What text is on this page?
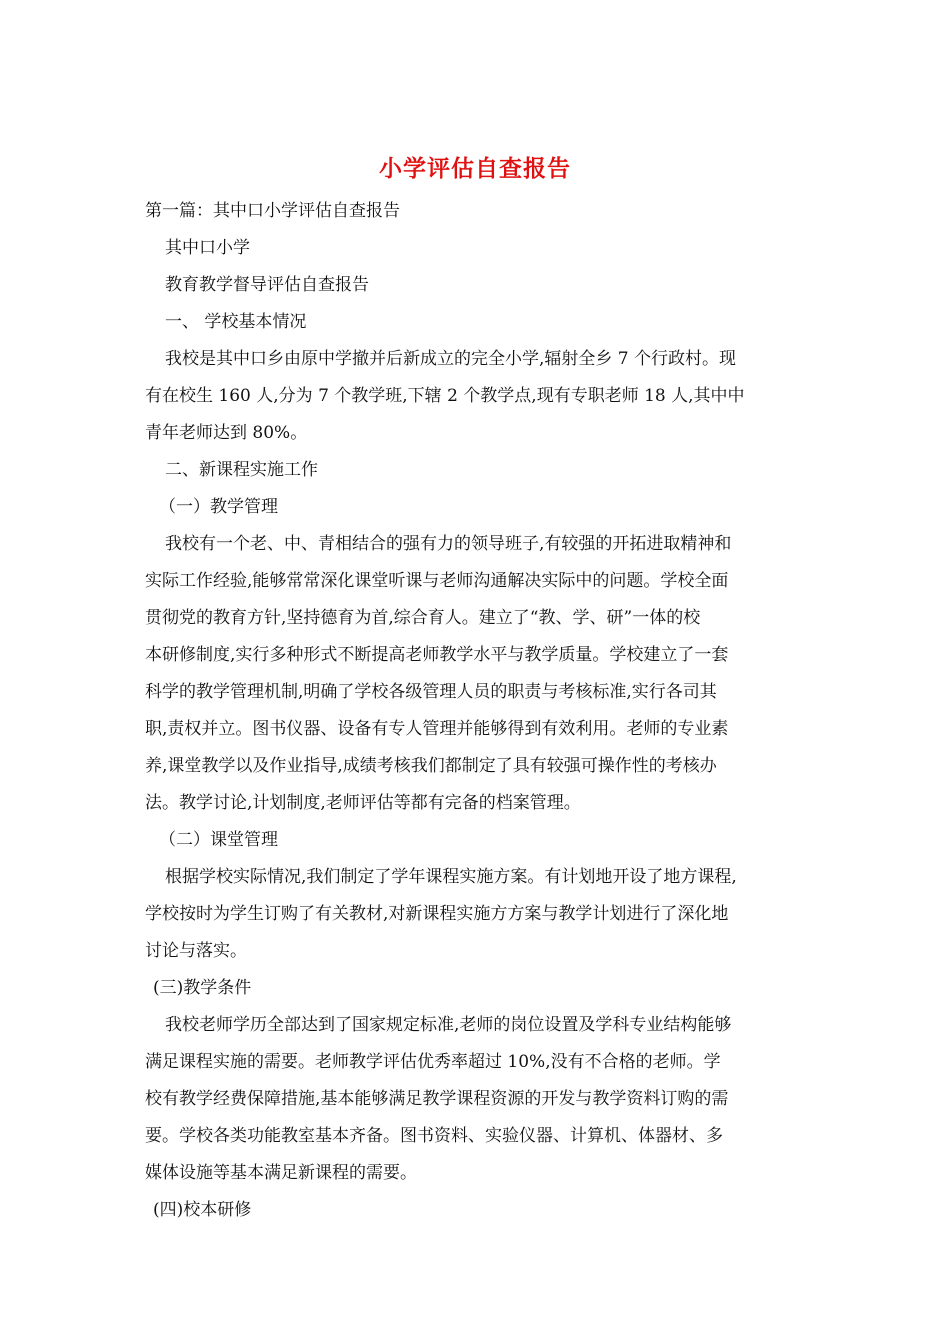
小学评估自查报告
第一篇：其中口小学评估自查报告
其中口小学
教育教学督导评估自查报告
一、 学校基本情况
我校是其中口乡由原中学撤并后新成立的完全小学,辐射全乡 7 个行政村。现
有在校生 160 人,分为 7 个教学班,下辖 2 个教学点,现有专职老师 18 人,其中中
青年老师达到 80%。
二、新课程实施工作
（一）教学管理
我校有一个老、中、青相结合的强有力的领导班子,有较强的开拓进取精神和
实际工作经验,能够常常深化课堂听课与老师沟通解决实际中的问题。学校全面
贯彻党的教育方针,坚持德育为首,综合育人。建立了“教、学、研”一体的校
本研修制度,实行多种形式不断提高老师教学水平与教学质量。学校建立了一套
科学的教学管理机制,明确了学校各级管理人员的职责与考核标准,实行各司其
职,责权并立。图书仪器、设备有专人管理并能够得到有效利用。老师的专业素
养,课堂教学以及作业指导,成绩考核我们都制定了具有较强可操作性的考核办
法。教学讨论,计划制度,老师评估等都有完备的档案管理。
（二）课堂管理
根据学校实际情况,我们制定了学年课程实施方案。有计划地开设了地方课程,
学校按时为学生订购了有关教材,对新课程实施方方案与教学计划进行了深化地
讨论与落实。
(三)教学条件
我校老师学历全部达到了国家规定标准,老师的岗位设置及学科专业结构能够
满足课程实施的需要。老师教学评估优秀率超过 10%,没有不合格的老师。学
校有教学经费保障措施,基本能够满足教学课程资源的开发与教学资料订购的需
要。学校各类功能教室基本齐备。图书资料、实验仪器、计算机、体器材、多
媒体设施等基本满足新课程的需要。
(四)校本研修
